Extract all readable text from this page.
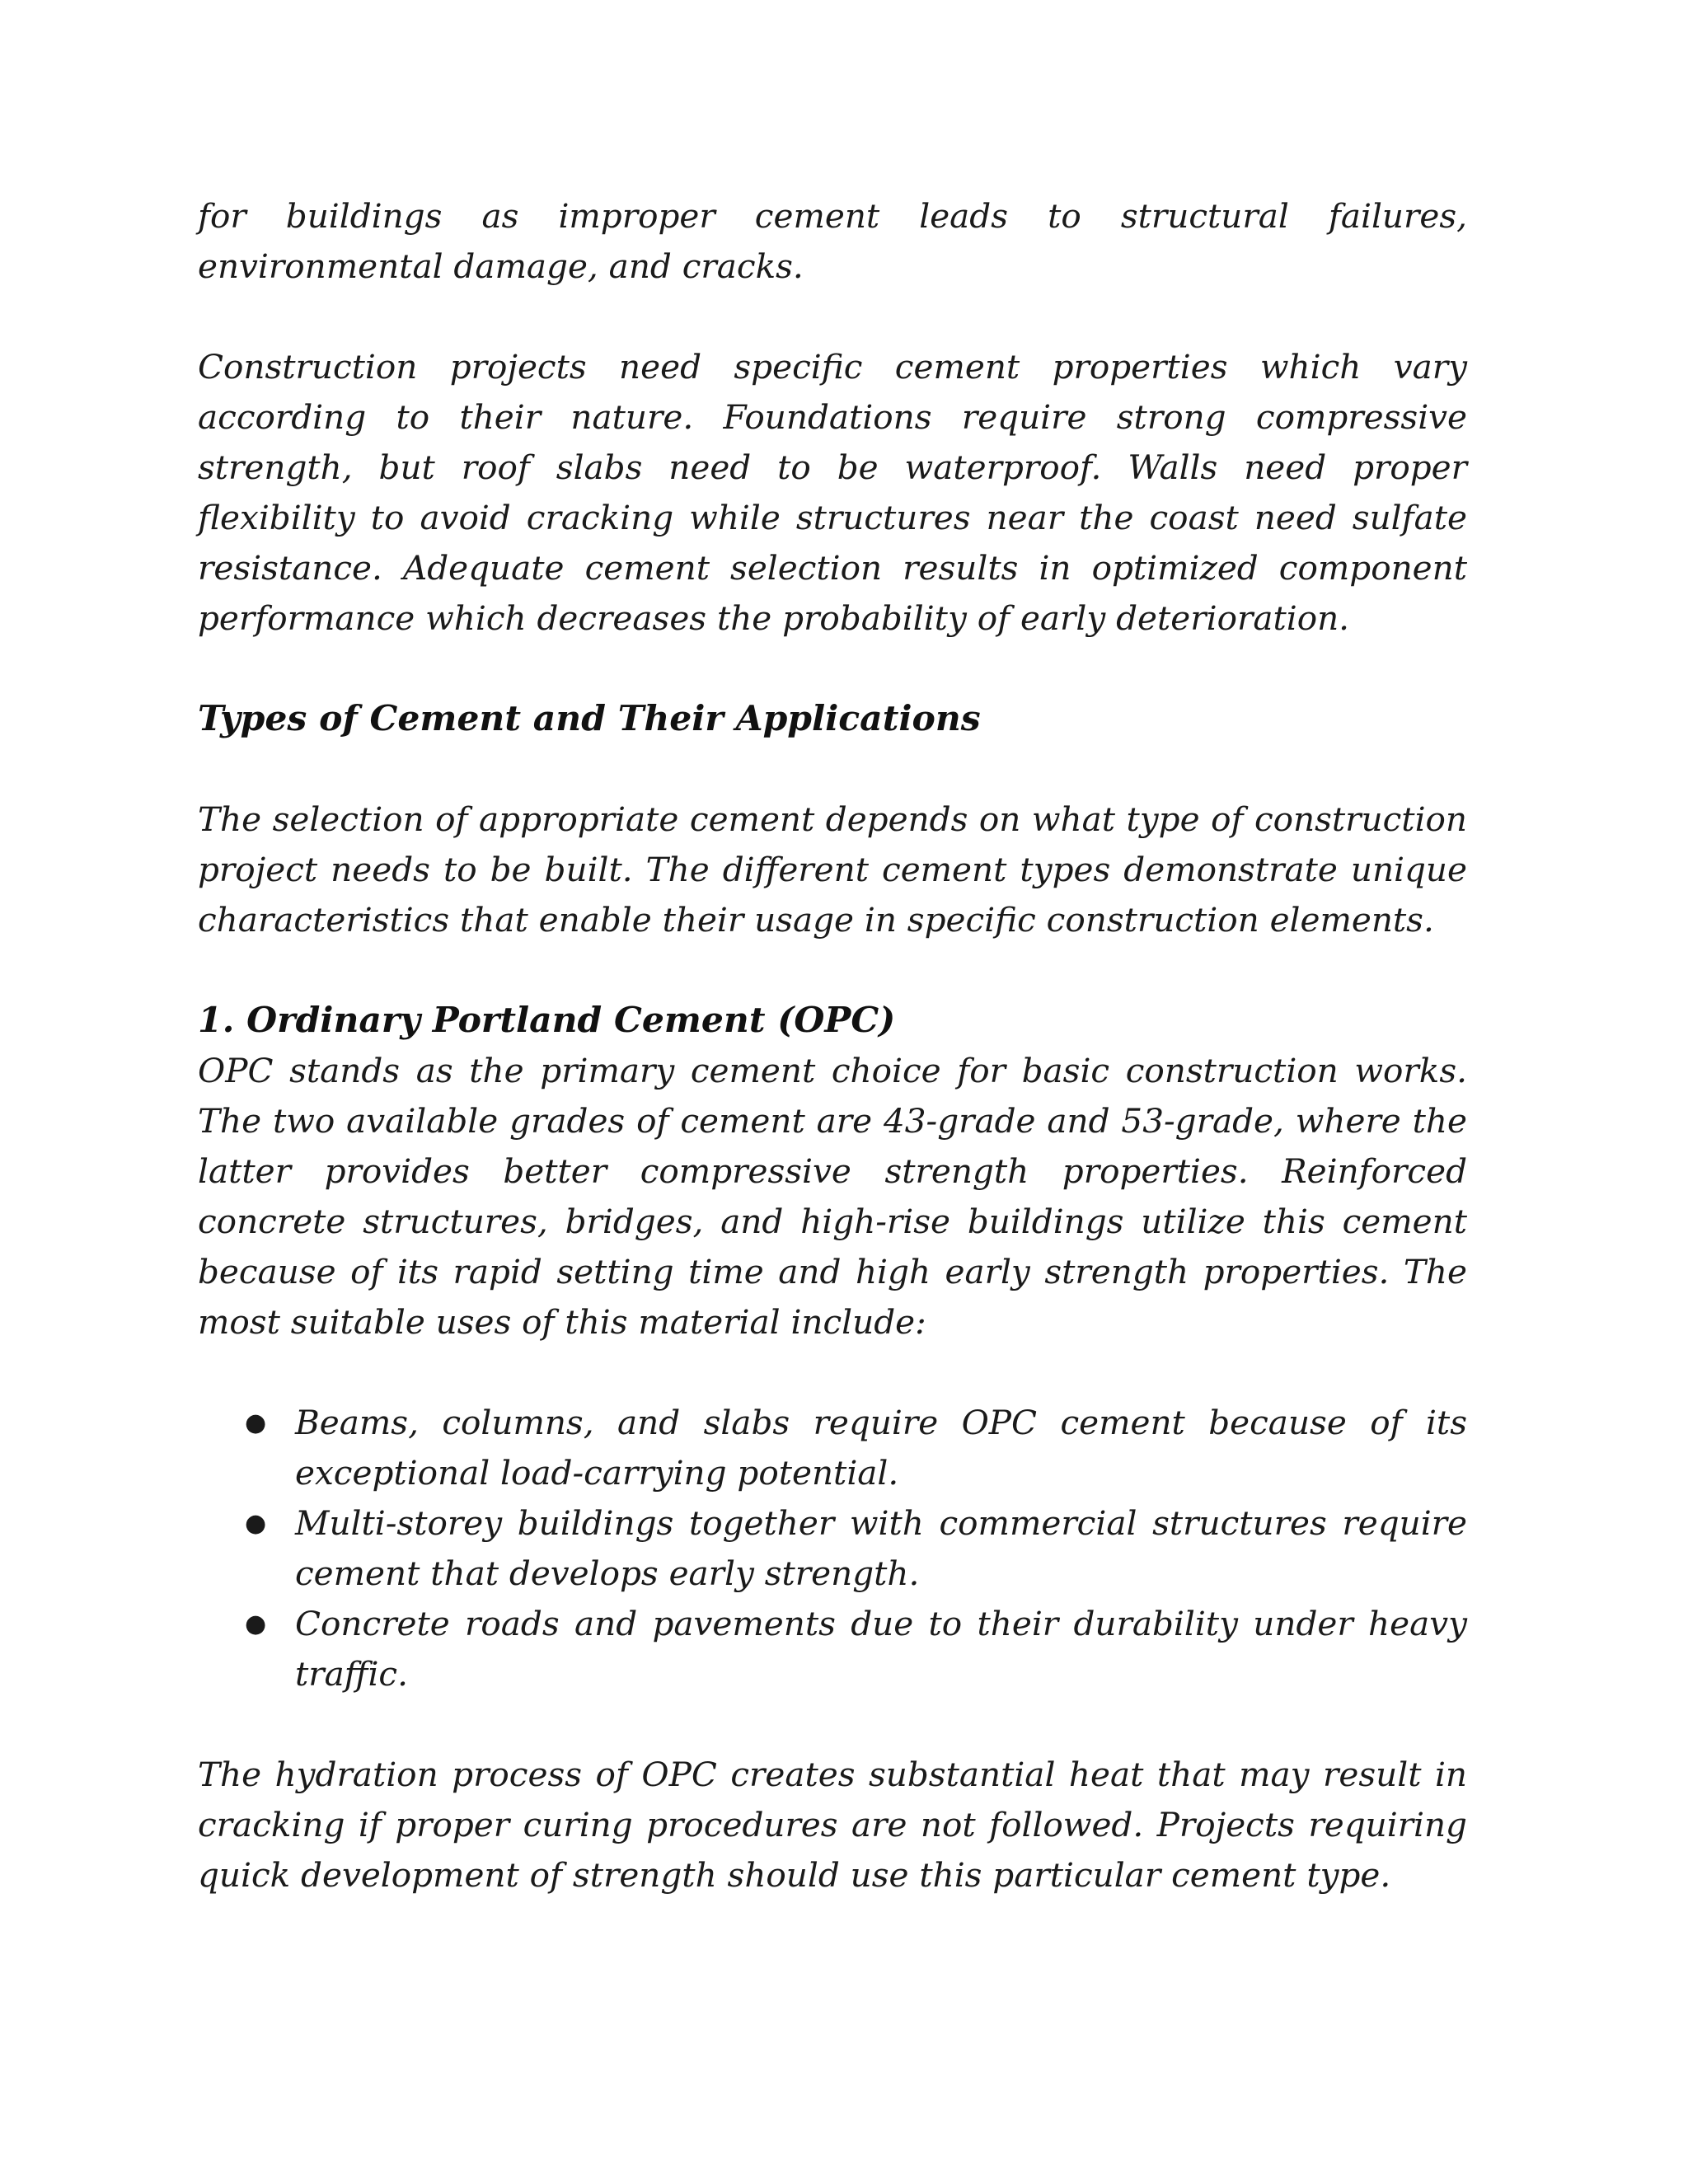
for buildings as improper cement leads to structural failures, environmental damage, and cracks.

Construction projects need specific cement properties which vary according to their nature. Foundations require strong compressive strength, but roof slabs need to be waterproof. Walls need proper flexibility to avoid cracking while structures near the coast need sulfate resistance. Adequate cement selection results in optimized component performance which decreases the probability of early deterioration.

Types of Cement and Their Applications

The selection of appropriate cement depends on what type of construction project needs to be built. The different cement types demonstrate unique characteristics that enable their usage in specific construction elements.

1. Ordinary Portland Cement (OPC)

OPC stands as the primary cement choice for basic construction works. The two available grades of cement are 43-grade and 53-grade, where the latter provides better compressive strength properties. Reinforced concrete structures, bridges, and high-rise buildings utilize this cement because of its rapid setting time and high early strength properties. The most suitable uses of this material include:

● Beams, columns, and slabs require OPC cement because of its exceptional load-carrying potential.
● Multi-storey buildings together with commercial structures require cement that develops early strength.
● Concrete roads and pavements due to their durability under heavy traffic.

The hydration process of OPC creates substantial heat that may result in cracking if proper curing procedures are not followed. Projects requiring quick development of strength should use this particular cement type.
